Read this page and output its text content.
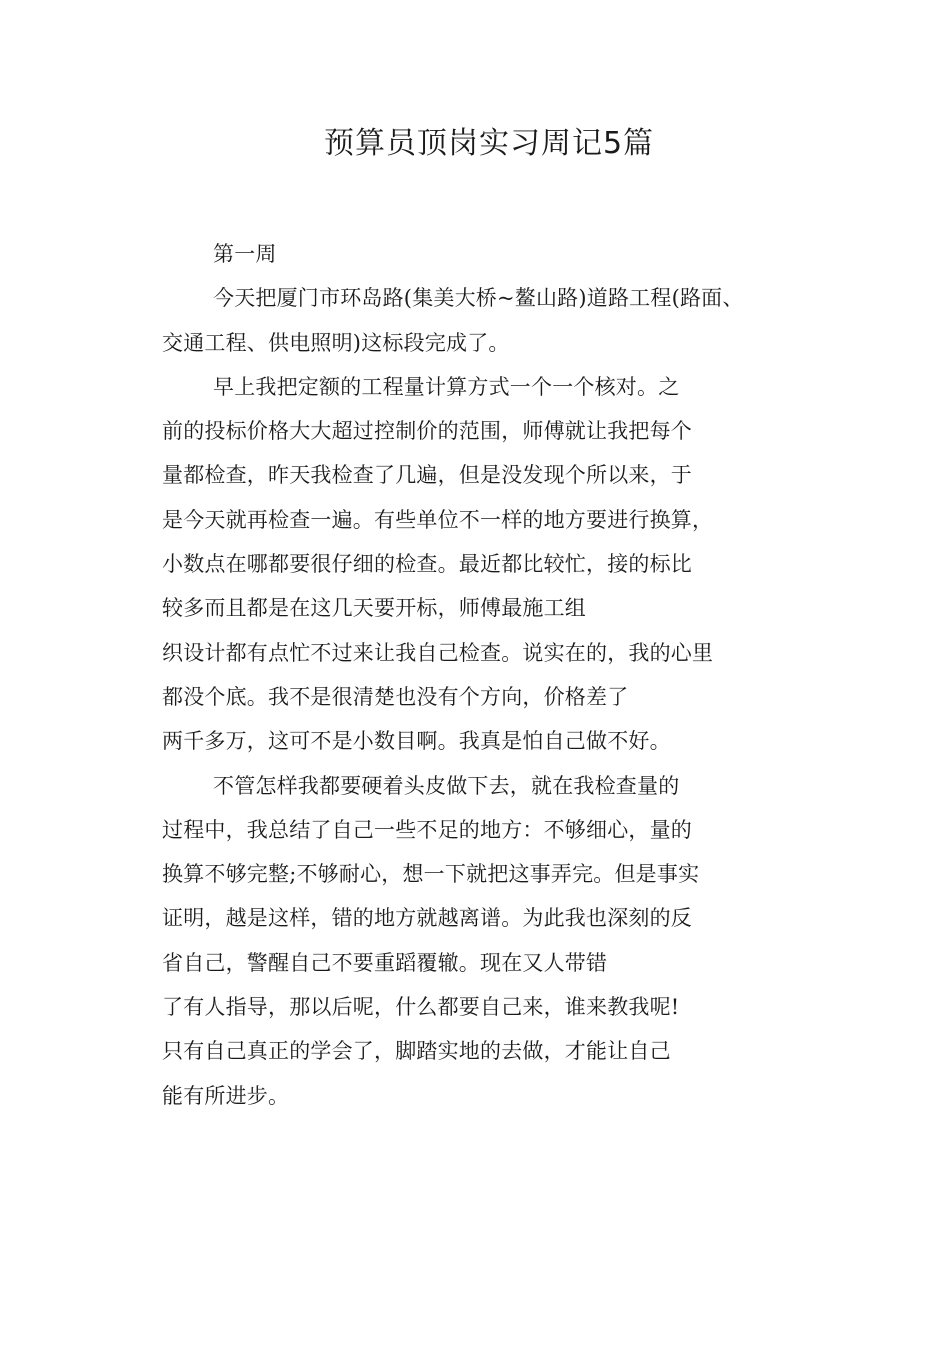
预算员顶岗实习周记5篇
第一周
今天把厦门市环岛路(集美大桥~鳌山路)道路工程(路面、
交通工程、供电照明)这标段完成了。
早上我把定额的工程量计算方式一个一个核对。之
前的投标价格大大超过控制价的范围，师傅就让我把每个
量都检查，昨天我检查了几遍，但是没发现个所以来，于
是今天就再检查一遍。有些单位不一样的地方要进行换算，
小数点在哪都要很仔细的检查。最近都比较忙，接的标比
较多而且都是在这几天要开标，师傅最施工组
织设计都有点忙不过来让我自己检查。说实在的，我的心里
都没个底。我不是很清楚也没有个方向，价格差了
两千多万，这可不是小数目啊。我真是怕自己做不好。
不管怎样我都要硬着头皮做下去，就在我检查量的
过程中，我总结了自己一些不足的地方：不够细心，量的
换算不够完整;不够耐心，想一下就把这事弄完。但是事实
证明，越是这样，错的地方就越离谱。为此我也深刻的反
省自己，警醒自己不要重蹈覆辙。现在又人带错
了有人指导，那以后呢，什么都要自己来，谁来教我呢!
只有自己真正的学会了，脚踏实地的去做，才能让自己
能有所进步。
